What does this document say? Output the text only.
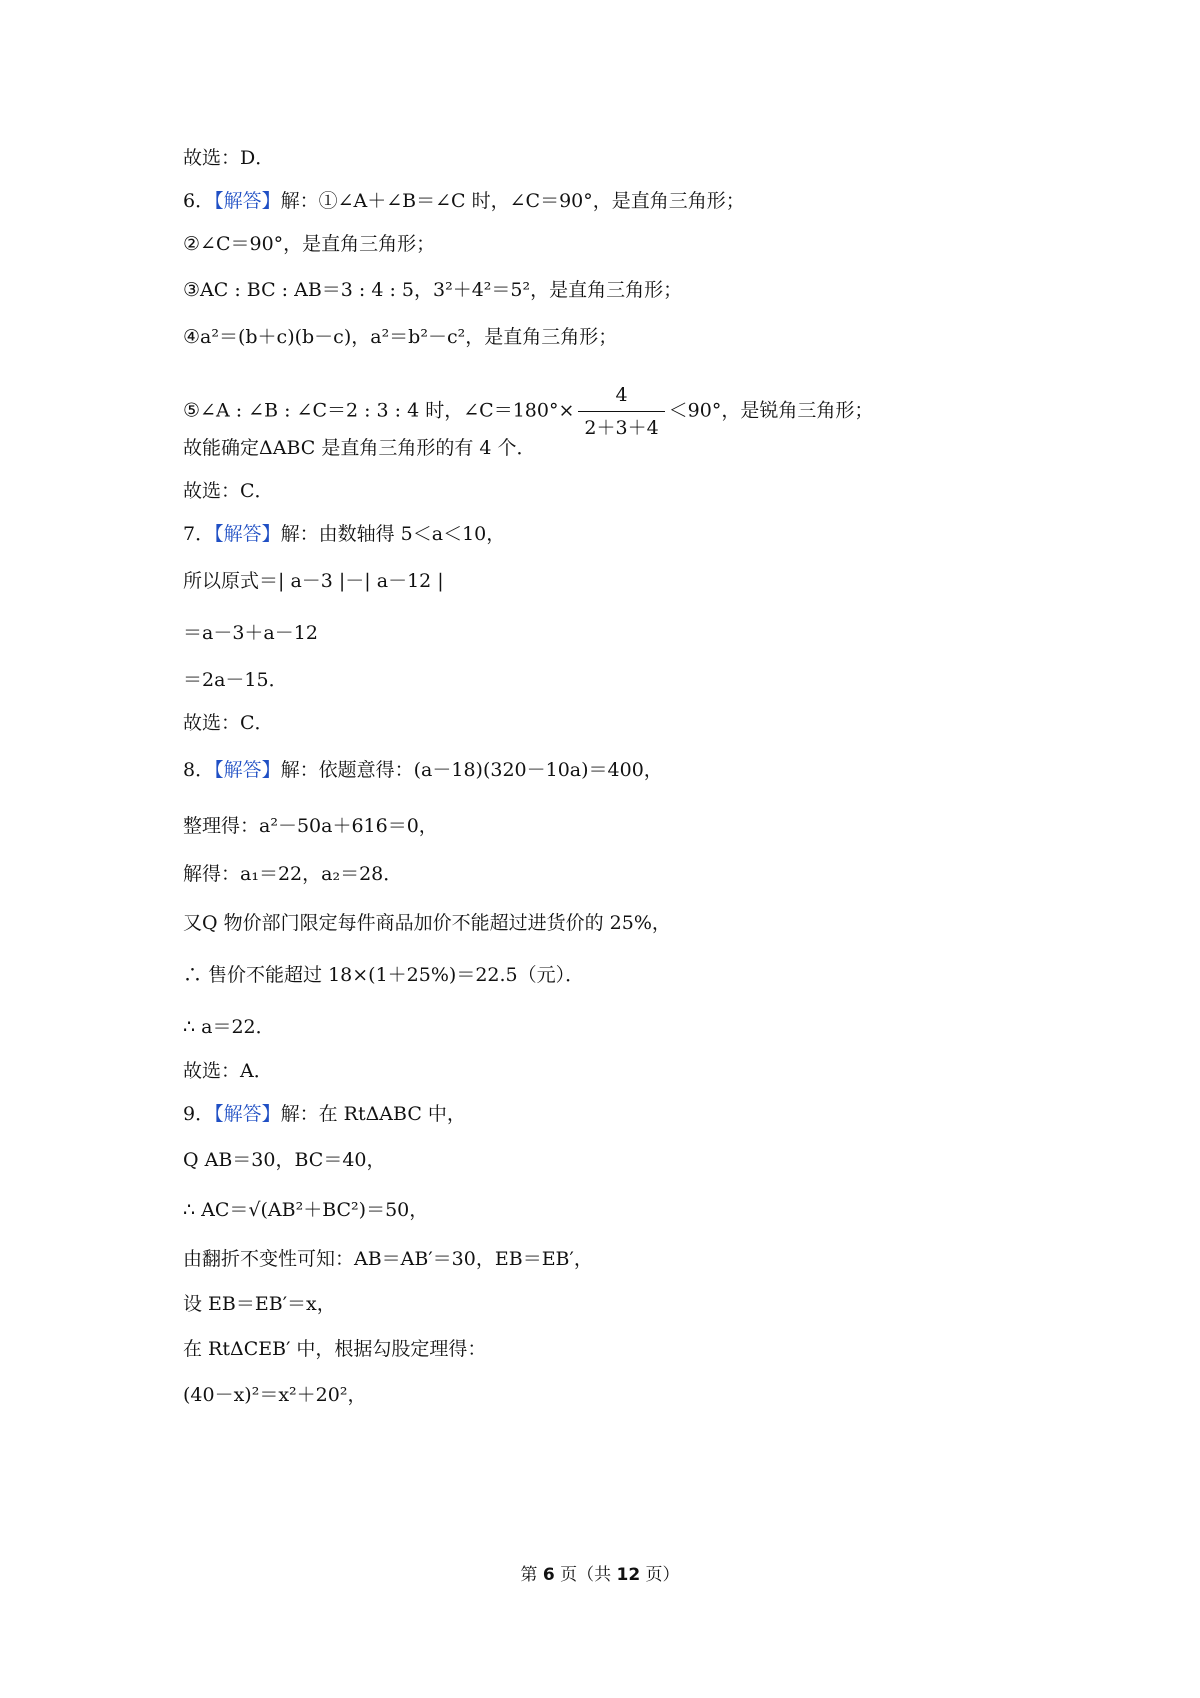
故选：D．
6．【解答】解：①∠A＋∠B＝∠C 时，∠C＝90°，是直角三角形；
②∠C＝90°，是直角三角形；
③AC : BC : AB＝3 : 4 : 5，3²＋4²＝5²，是直角三角形；
④a²＝(b＋c)(b－c)，a²＝b²－c²，是直角三角形；
⑤∠A : ∠B : ∠C＝2 : 3 : 4 时，∠C＝180°× $\frac{4}{2+3+4} <90^\circ$，是锐角三角形；
故能确定ΔABC 是直角三角形的有 4 个．
故选：C．
7．【解答】解：由数轴得 5＜a＜10，
所以原式＝| a－3 |－| a－12 |
＝a－3＋a－12
＝2a－15．
故选：C．
8．【解答】解：依题意得：(a－18)(320－10a)＝400，
整理得：a²－50a＋616＝0，
解得：a₁＝22，a₂＝28．
又Q 物价部门限定每件商品加价不能超过进货价的 25%，
∴ 售价不能超过 18×(1＋25%)＝22.5（元）．
∴ a＝22．
故选：A．
9．【解答】解：在 RtΔABC 中，
Q AB＝30，BC＝40，
∴ AC＝√(AB²＋BC²)＝50，
由翻折不变性可知：AB＝AB′＝30，EB＝EB′，
设 EB＝EB′＝x，
在 RtΔCEB′ 中，根据勾股定理得：
(40－x)²＝x²＋20²，
第 6 页（共 12 页）
